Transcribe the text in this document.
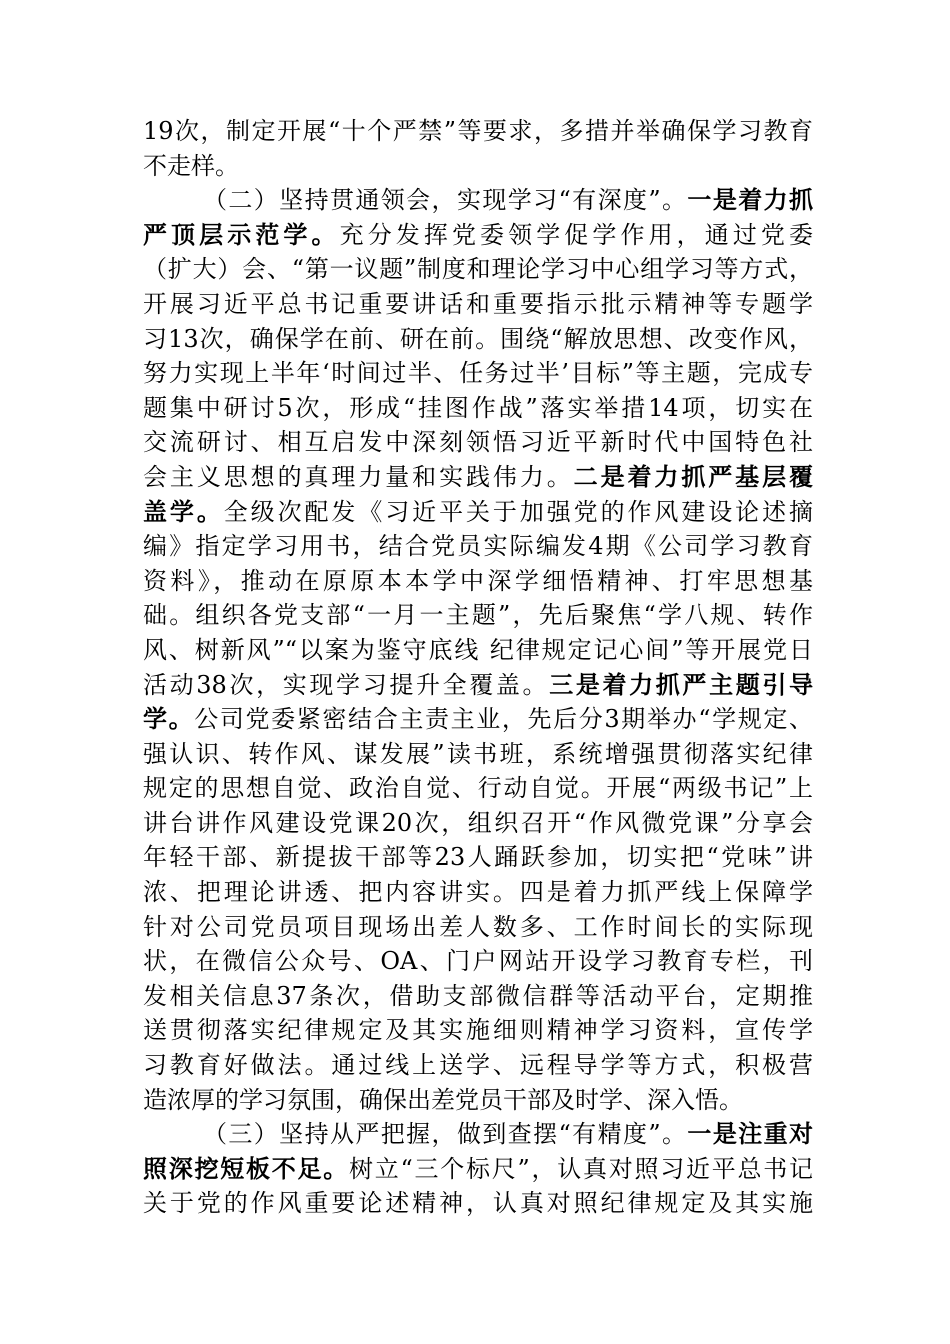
19次，制定开展“十个严禁”等要求，多措并举确保学习教育
不走样。
（二）坚持贯通领会，实现学习“有深度”。一是着力抓
严顶层示范学。充分发挥党委领学促学作用，通过党委
（扩大）会、“第一议题”制度和理论学习中心组学习等方式，
开展习近平总书记重要讲话和重要指示批示精神等专题学
习13次，确保学在前、研在前。围绕“解放思想、改变作风，
努力实现上半年‘时间过半、任务过半’目标”等主题，完成专
题集中研讨5次，形成“挂图作战”落实举措14项，切实在
交流研讨、相互启发中深刻领悟习近平新时代中国特色社
会主义思想的真理力量和实践伟力。二是着力抓严基层覆
盖学。全级次配发《习近平关于加强党的作风建设论述摘
编》指定学习用书，结合党员实际编发4期《公司学习教育
资料》，推动在原原本本学中深学细悟精神、打牢思想基
础。组织各党支部“一月一主题”，先后聚焦“学八规、转作
风、树新风”“以案为鉴守底线 纪律规定记心间”等开展党日
活动38次，实现学习提升全覆盖。三是着力抓严主题引导
学。公司党委紧密结合主责主业，先后分3期举办“学规定、
强认识、转作风、谋发展”读书班，系统增强贯彻落实纪律
规定的思想自觉、政治自觉、行动自觉。开展“两级书记”上
讲台讲作风建设党课20次，组织召开“作风微党课”分享会
年轻干部、新提拔干部等23人踊跃参加，切实把“党味”讲
浓、把理论讲透、把内容讲实。四是着力抓严线上保障学
针对公司党员项目现场出差人数多、工作时间长的实际现
状，在微信公众号、OA、门户网站开设学习教育专栏，刊
发相关信息37条次，借助支部微信群等活动平台，定期推
送贯彻落实纪律规定及其实施细则精神学习资料，宣传学
习教育好做法。通过线上送学、远程导学等方式，积极营
造浓厚的学习氛围，确保出差党员干部及时学、深入悟。
（三）坚持从严把握，做到查摆“有精度”。一是注重对
照深挖短板不足。树立“三个标尺”，认真对照习近平总书记
关于党的作风重要论述精神，认真对照纪律规定及其实施
